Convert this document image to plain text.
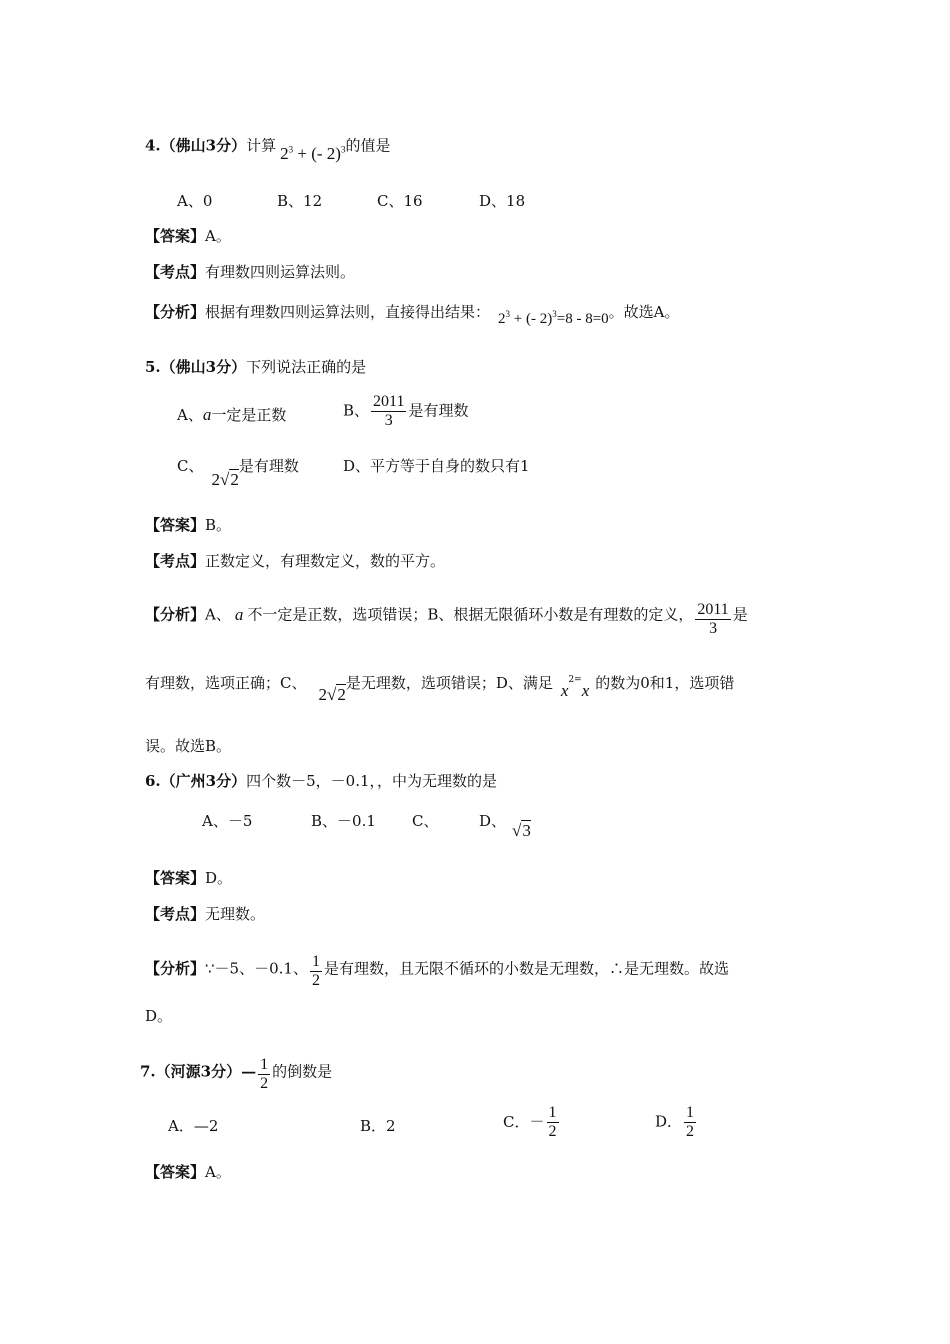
4.（佛山3分）计算 $2^3$ + (- 2)$^3$的值是
A、0	B、12	C、16	D、18
【答案】A。
【考点】有理数四则运算法则。
【分析】根据有理数四则运算法则，直接得出结果： $2^3$ + (- 2)$^3$=8 - 8=0。故选A。
5.（佛山3分）下列说法正确的是
A、a一定是正数	B、 $\frac{2011}{3}$ 是有理数
C、2√2是有理数	D、平方等于自身的数只有1
【答案】B。
【考点】正数定义，有理数定义，数的平方。
【分析】A、 a 不一定是正数，选项错误；B、根据无限循环小数是有理数的定义， $\frac{2011}{3}$ 是
有理数，选项正确；C、2√2是无理数，选项错误；D、满足 $x^{2=}x$ 的数为0和1，选项错
误。故选B。
6.（广州3分）四个数－5，－0.1，，中为无理数的是
A、－5	B、－0.1 C、	D、 √3
【答案】D。
【考点】无理数。
【分析】∵－5、－0.1、 $\frac{1}{2}$ 是有理数，且无限不循环的小数是无理数，∴是无理数。故选
D。
7.（河源3分）— $\frac{1}{2}$ 的倒数是
A．—2	B．2	C．－ $\frac{1}{2}$	D． $\frac{1}{2}$
【答案】A。
